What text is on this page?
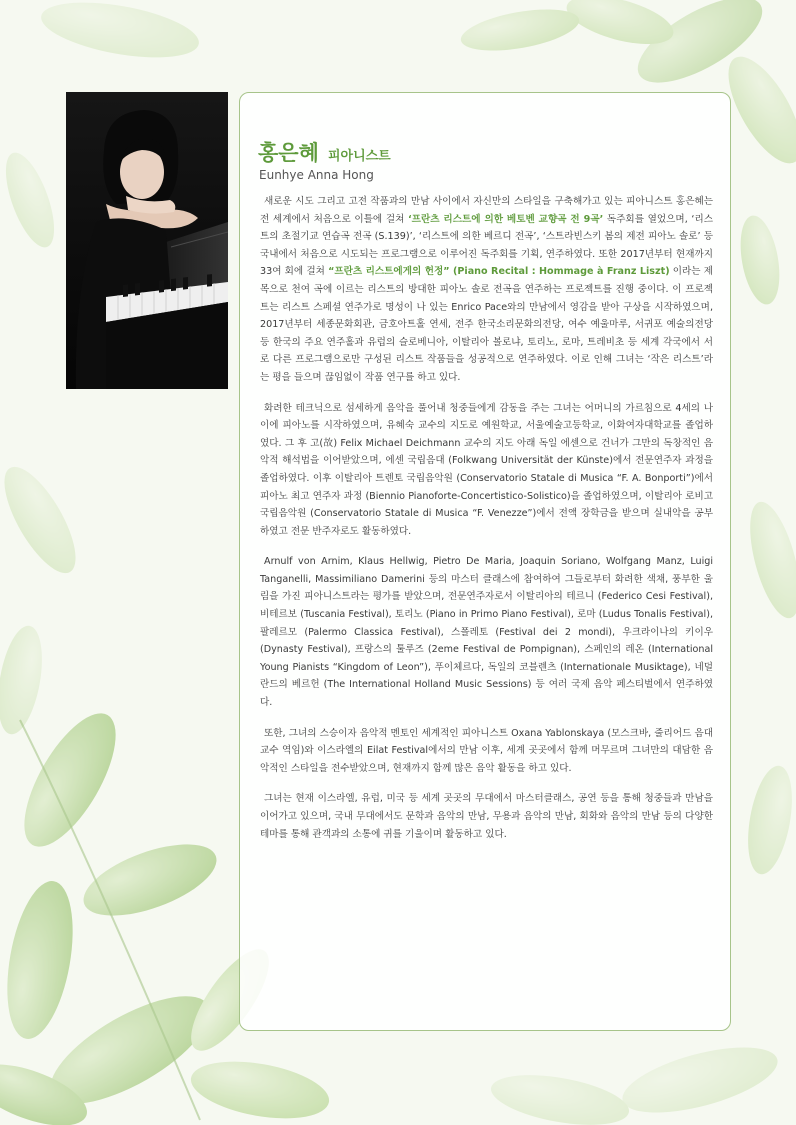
홍은혜 피아니스트
Eunhye Anna Hong

새로운 시도 그리고 고전 작품과의 만남 사이에서 자신만의 스타일을 구축해가고 있는 피아니스트 홍은혜는 전 세계에서 처음으로 이틀에 걸쳐 ‘프란츠 리스트에 의한 베토벤 교향곡 전 9곡’ 독주회를 열었으며, ‘리스트의 초절기교 연습곡 전곡 (S.139)’, ‘리스트에 의한 베르디 전곡’, ‘스트라빈스키 봄의 제전 피아노 솔로’ 등 국내에서 처음으로 시도되는 프로그램으로 이루어진 독주회를 기획, 연주하였다. 또한 2017년부터 현재까지 33여 회에 걸쳐 “프란츠 리스트에게의 헌정” (Piano Recital : Hommage à Franz Liszt) 이라는 제목으로 천여 곡에 이르는 리스트의 방대한 피아노 솔로 전곡을 연주하는 프로젝트를 진행 중이다. 이 프로젝트는 리스트 스페셜 연주가로 명성이 나 있는 Enrico Pace와의 만남에서 영감을 받아 구상을 시작하였으며, 2017년부터 세종문화회관, 금호아트홀 연세, 전주 한국소리문화의전당, 여수 예울마루, 서귀포 예술의전당 등 한국의 주요 연주홀과 유럽의 슬로베니아, 이탈리아 볼로냐, 토리노, 로마, 트레비초 등 세계 각국에서 서로 다른 프로그램으로만 구성된 리스트 작품들을 성공적으로 연주하였다. 이로 인해 그녀는 ‘작은 리스트’라는 평을 들으며 끊임없이 작품 연구를 하고 있다.

화려한 테크닉으로 섬세하게 음악을 풀어내 청중들에게 감동을 주는 그녀는 어머니의 가르침으로 4세의 나이에 피아노를 시작하였으며, 유혜숙 교수의 지도로 예원학교, 서울예술고등학교, 이화여자대학교를 졸업하였다. 그 후 고(故) Felix Michael Deichmann 교수의 지도 아래 독일 에센으로 건너가 그만의 독창적인 음악적 해석법을 이어받았으며, 에센 국립음대 (Folkwang Universität der Künste)에서 전문연주자 과정을 졸업하였다. 이후 이탈리아 트렌토 국립음악원 (Conservatorio Statale di Musica “F. A. Bonporti”)에서 피아노 최고 연주자 과정 (Biennio Pianoforte-Concertistico-Solistico)을 졸업하였으며, 이탈리아 로비고 국립음악원 (Conservatorio Statale di Musica “F. Venezze”)에서 전액 장학금을 받으며 실내악을 공부하였고 전문 반주자로도 활동하였다.

Arnulf von Arnim, Klaus Hellwig, Pietro De Maria, Joaquin Soriano, Wolfgang Manz, Luigi Tanganelli, Massimiliano Damerini 등의 마스터 클래스에 참여하여 그들로부터 화려한 색채, 풍부한 울림을 가진 피아니스트라는 평가를 받았으며, 전문연주자로서 이탈리아의 테르니 (Federico Cesi Festival), 비테르보 (Tuscania Festival), 토리노 (Piano in Primo Piano Festival), 로마 (Ludus Tonalis Festival), 팔레르모 (Palermo Classica Festival), 스폴레토 (Festival dei 2 mondi), 우크라이나의 키이우 (Dynasty Festival), 프랑스의 툴루즈 (2eme Festival de Pompignan), 스페인의 레온 (International Young Pianists “Kingdom of Leon”), 푸이체르다, 독일의 코블렌츠 (Internationale Musiktage), 네덜란드의 베르헌 (The International Holland Music Sessions) 등 여러 국제 음악 페스티벌에서 연주하였다.

또한, 그녀의 스승이자 음악적 멘토인 세계적인 피아니스트 Oxana Yablonskaya (모스크바, 줄리어드 음대 교수 역임)와 이스라엘의 Eilat Festival에서의 만남 이후, 세계 곳곳에서 함께 머무르며 그녀만의 대담한 음악적인 스타일을 전수받았으며, 현재까지 함께 많은 음악 활동을 하고 있다.

그녀는 현재 이스라엘, 유럽, 미국 등 세계 곳곳의 무대에서 마스터클래스, 공연 등을 통해 청중들과 만남을 이어가고 있으며, 국내 무대에서도 문학과 음악의 만남, 무용과 음악의 만남, 회화와 음악의 만남 등의 다양한 테마를 통해 관객과의 소통에 귀를 기울이며 활동하고 있다.
